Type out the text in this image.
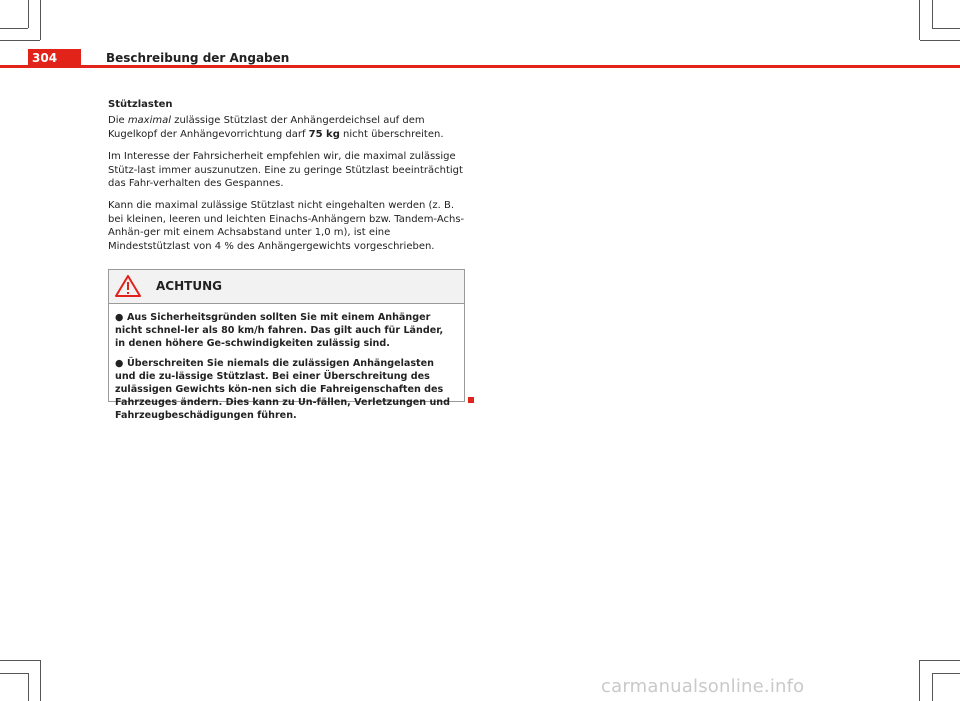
304	Beschreibung der Angaben

Stützlasten

Die maximal zulässige Stützlast der Anhängerdeichsel auf dem Kugelkopf der Anhängevorrichtung darf 75 kg nicht überschreiten.

Im Interesse der Fahrsicherheit empfehlen wir, die maximal zulässige Stütz-last immer auszunutzen. Eine zu geringe Stützlast beeinträchtigt das Fahr-verhalten des Gespannes.

Kann die maximal zulässige Stützlast nicht eingehalten werden (z. B. bei kleinen, leeren und leichten Einachs-Anhängern bzw. Tandem-Achs-Anhän-ger mit einem Achsabstand unter 1,0 m), ist eine Mindeststützlast von 4 % des Anhängergewichts vorgeschrieben.

ACHTUNG

● Aus Sicherheitsgründen sollten Sie mit einem Anhänger nicht schnel-ler als 80 km/h fahren. Das gilt auch für Länder, in denen höhere Ge-schwindigkeiten zulässig sind.

● Überschreiten Sie niemals die zulässigen Anhängelasten und die zu-lässige Stützlast. Bei einer Überschreitung des zulässigen Gewichts kön-nen sich die Fahreigenschaften des Fahrzeuges ändern. Dies kann zu Un-fällen, Verletzungen und Fahrzeugbeschädigungen führen.

carmanualsonline.info
